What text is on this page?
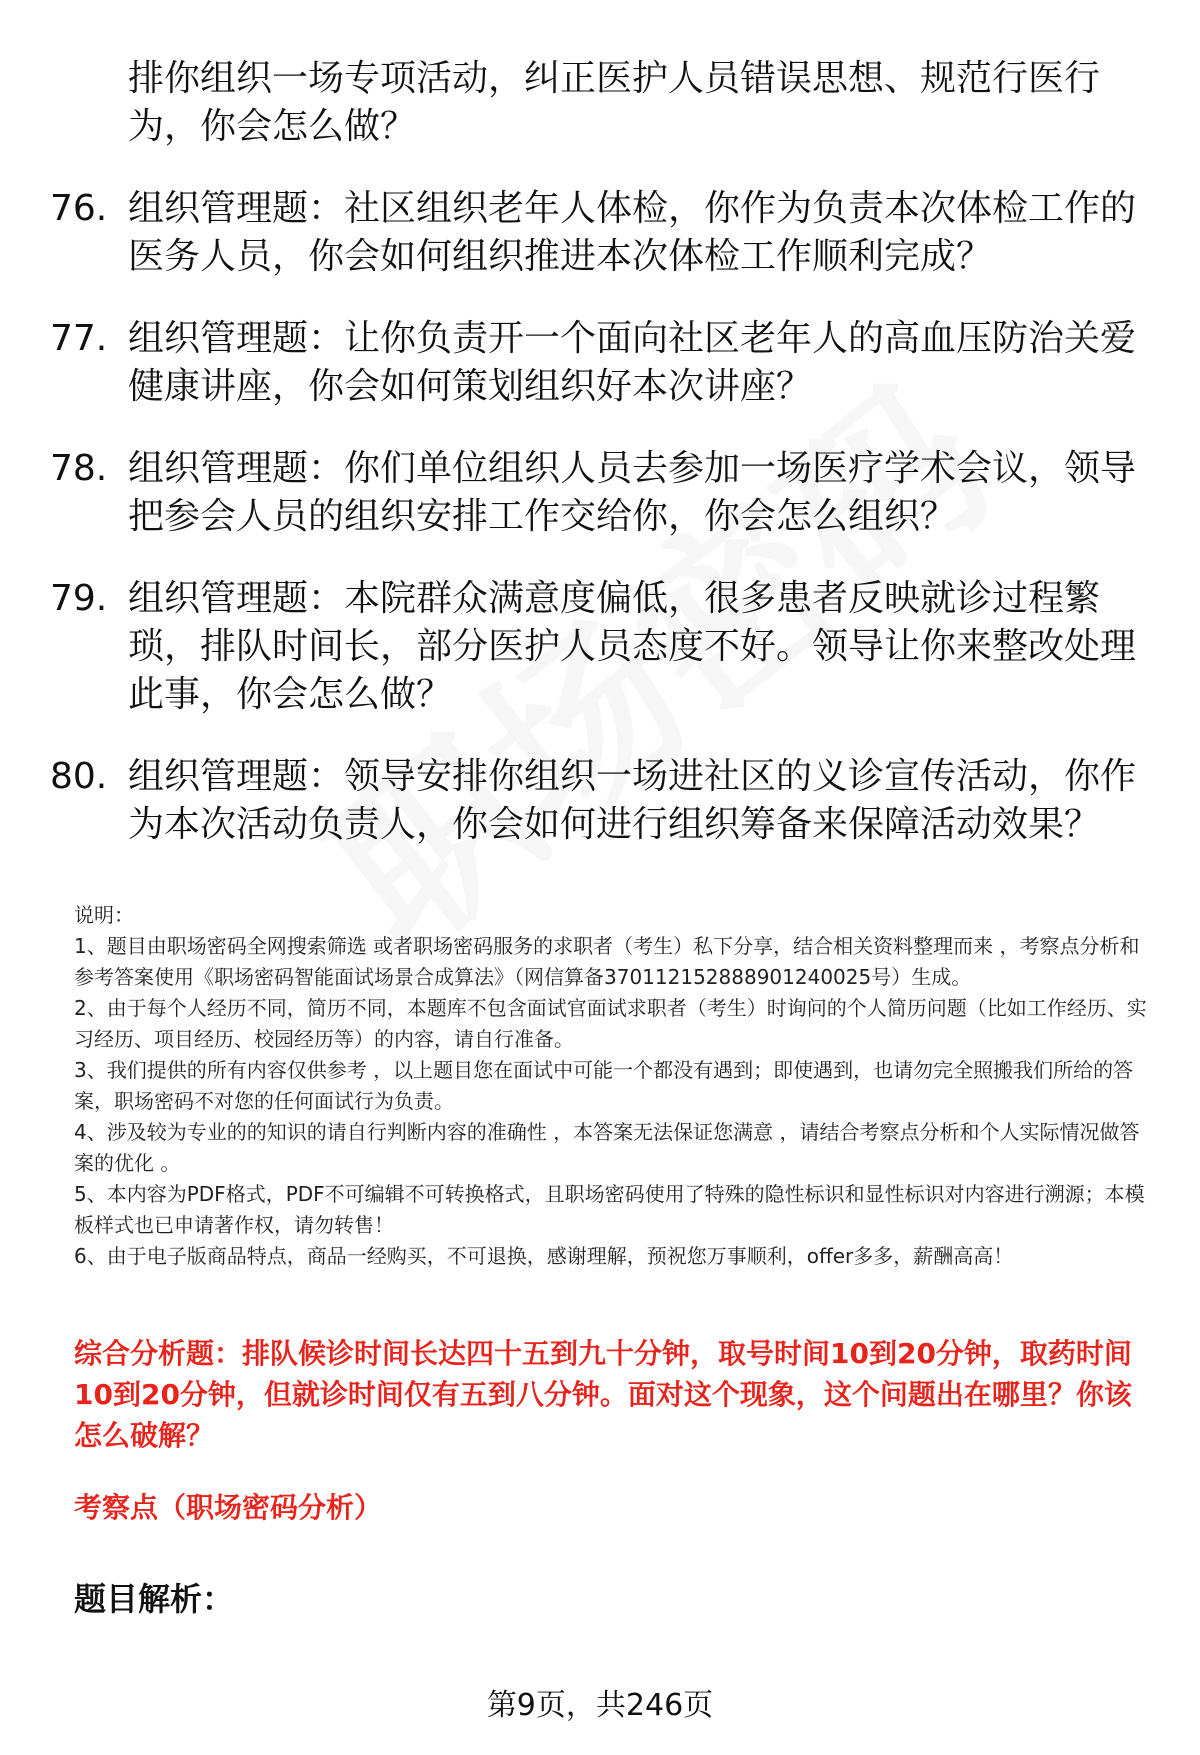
排你组织一场专项活动，纠正医护人员错误思想、规范行医行为，你会怎么做？
76. 组织管理题：社区组织老年人体检，你作为负责本次体检工作的医务人员，你会如何组织推进本次体检工作顺利完成？
77. 组织管理题：让你负责开一个面向社区老年人的高血压防治关爱健康讲座，你会如何策划组织好本次讲座？
78. 组织管理题：你们单位组织人员去参加一场医疗学术会议，领导把参会人员的组织安排工作交给你，你会怎么组织？
79. 组织管理题：本院群众满意度偏低，很多患者反映就诊过程繁琐，排队时间长，部分医护人员态度不好。领导让你来整改处理此事，你会怎么做？
80. 组织管理题：领导安排你组织一场进社区的义诊宣传活动，你作为本次活动负责人，你会如何进行组织筹备来保障活动效果？

说明：

1、题目由职场密码全网搜索筛选 或者职场密码服务的求职者（考生）私下分享，结合相关资料整理而来 ，考察点分析和参考答案使用《职场密码智能面试场景合成算法》（网信算备370112152888901240025号）生成。

2、由于每个人经历不同，简历不同，本题库不包含面试官面试求职者（考生）时询问的个人简历问题（比如工作经历、实习经历、项目经历、校园经历等）的内容，请自行准备。

3、我们提供的所有内容仅供参考 ，以上题目您在面试中可能一个都没有遇到；即使遇到，也请勿完全照搬我们所给的答案，职场密码不对您的任何面试行为负责。

4、涉及较为专业的的知识的请自行判断内容的准确性 ，本答案无法保证您满意 ，请结合考察点分析和个人实际情况做答案的优化 。

5、本内容为PDF格式，PDF不可编辑不可转换格式，且职场密码使用了特殊的隐性标识和显性标识对内容进行溯源；本模板样式也已申请著作权，请勿转售！

6、由于电子版商品特点，商品一经购买，不可退换，感谢理解，预祝您万事顺利，offer多多，薪酬高高！

综合分析题：排队候诊时间长达四十五到九十分钟，取号时间10到20分钟，取药时间10到20分钟，但就诊时间仅有五到八分钟。面对这个现象，这个问题出在哪里？你该怎么破解？
考察点（职场密码分析）
题目解析：
第9页，共246页
